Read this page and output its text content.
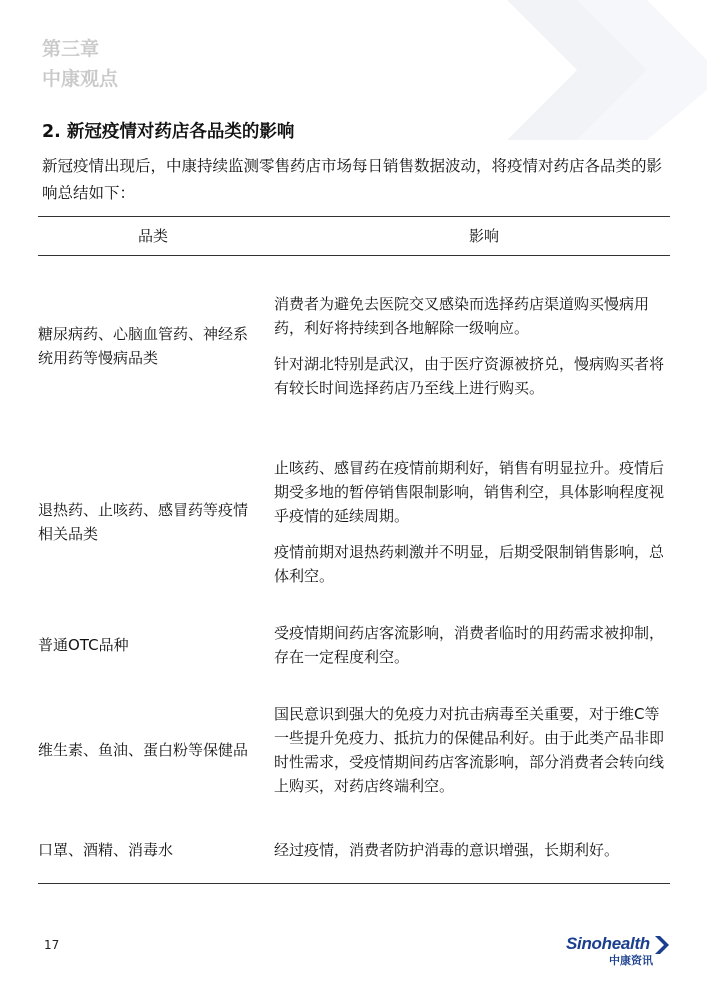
第三章
中康观点
2. 新冠疫情对药店各品类的影响

新冠疫情出现后，中康持续监测零售药店市场每日销售数据波动，将疫情对药店各品类的影响总结如下：

品类	影响
糖尿病药、心脑血管药、神经系统用药等慢病品类	消费者为避免去医院交叉感染而选择药店渠道购买慢病用药，利好将持续到各地解除一级响应。

针对湖北特别是武汉，由于医疗资源被挤兑，慢病购买者将有较长时间选择药店乃至线上进行购买。

退热药、止咳药、感冒药等疫情相关品类	止咳药、感冒药在疫情前期利好，销售有明显拉升。疫情后期受多地的暂停销售限制影响，销售利空，具体影响程度视乎疫情的延续周期。

疫情前期对退热药刺激并不明显，后期受限制销售影响，总体利空。

普通OTC品种	受疫情期间药店客流影响，消费者临时的用药需求被抑制，存在一定程度利空。

维生素、鱼油、蛋白粉等保健品	国民意识到强大的免疫力对抗击病毒至关重要，对于维C等一些提升免疫力、抵抗力的保健品利好。由于此类产品非即时性需求，受疫情期间药店客流影响，部分消费者会转向线上购买，对药店终端利空。

口罩、酒精、消毒水	经过疫情，消费者防护消毒的意识增强，长期利好。

17	Sinohealth
中康资讯
